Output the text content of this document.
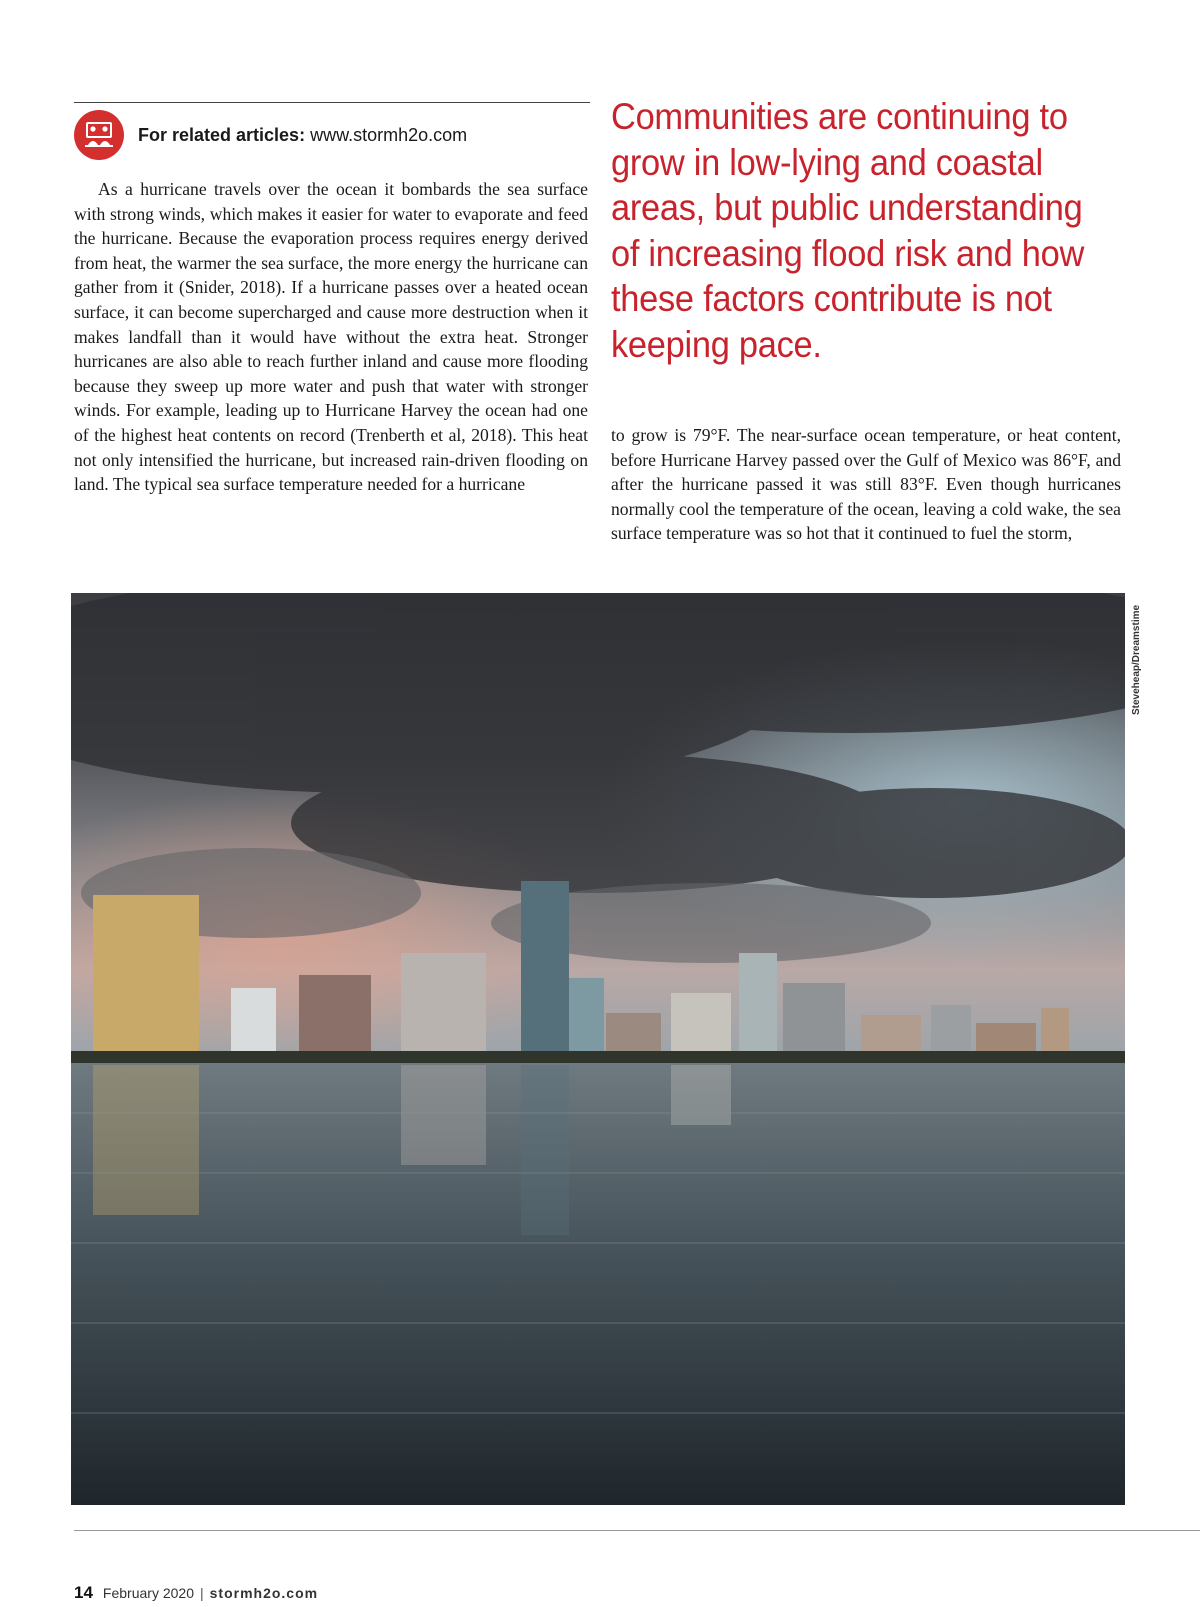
For related articles: www.stormh2o.com
As a hurricane travels over the ocean it bombards the sea surface with strong winds, which makes it easier for water to evaporate and feed the hurricane. Because the evaporation process requires energy derived from heat, the warmer the sea surface, the more energy the hurricane can gather from it (Snider, 2018). If a hurricane passes over a heated ocean surface, it can become supercharged and cause more destruction when it makes landfall than it would have without the extra heat. Stronger hurricanes are also able to reach further inland and cause more flooding because they sweep up more water and push that water with stronger winds. For example, leading up to Hurricane Harvey the ocean had one of the highest heat contents on record (Trenberth et al, 2018). This heat not only intensified the hurricane, but increased rain-driven flooding on land. The typical sea surface temperature needed for a hurricane
Communities are continuing to grow in low-lying and coastal areas, but public understanding of increasing flood risk and how these factors contribute is not keeping pace.
to grow is 79°F. The near-surface ocean temperature, or heat content, before Hurricane Harvey passed over the Gulf of Mexico was 86°F, and after the hurricane passed it was still 83°F. Even though hurricanes normally cool the temperature of the ocean, leaving a cold wake, the sea surface temperature was so hot that it continued to fuel the storm,
Steveheap/Dreamstime
14 February 2020 | stormh2o.com
